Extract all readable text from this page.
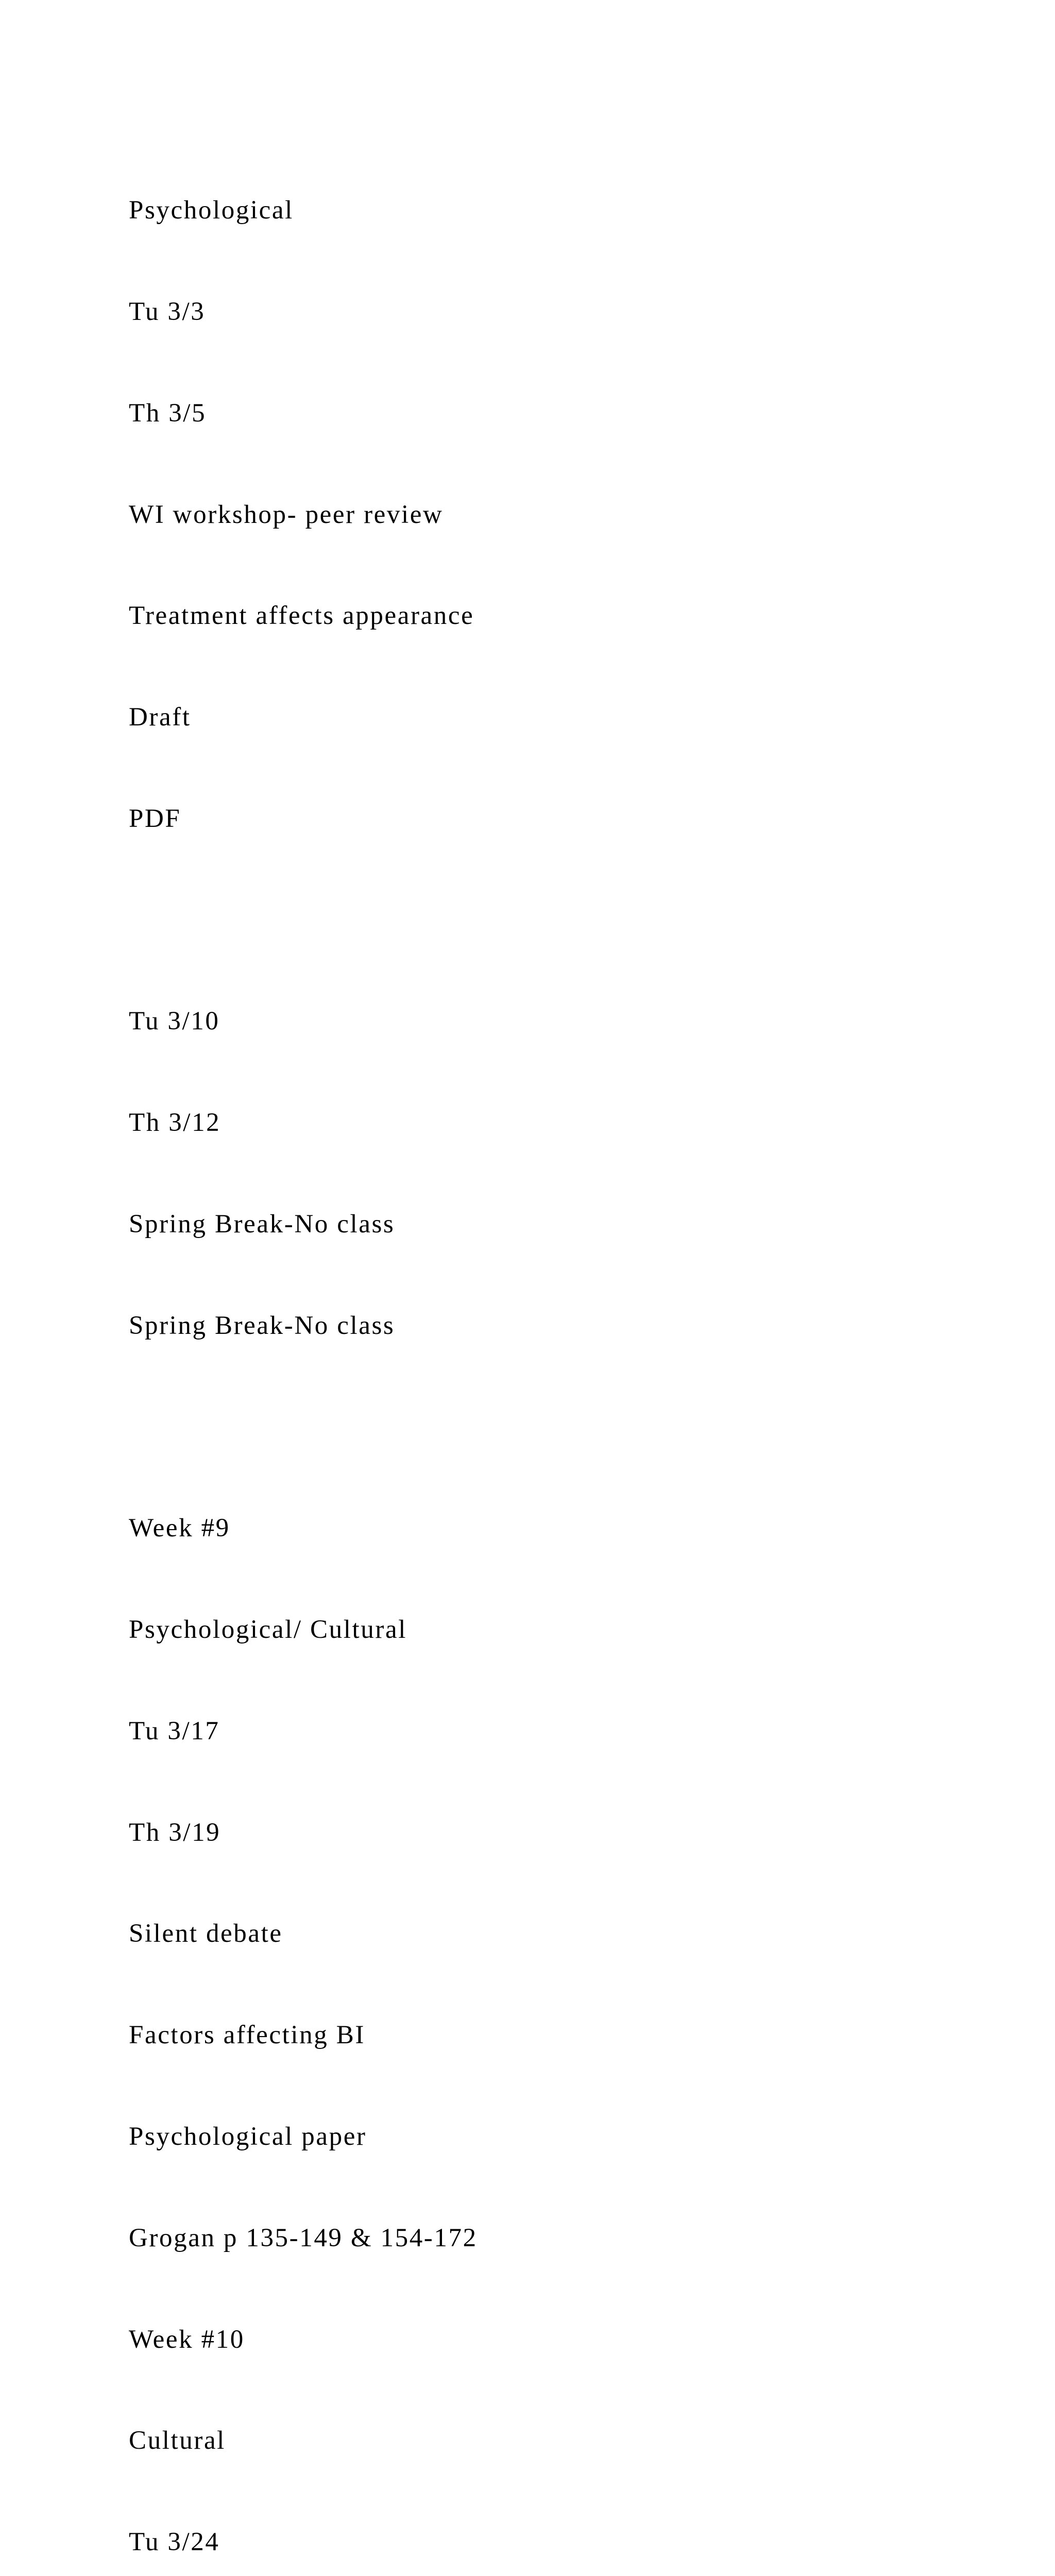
Psychological

Tu 3/3

Th 3/5

WI workshop- peer review

Treatment affects appearance

Draft

PDF

Tu 3/10

Th 3/12

Spring Break-No class

Spring Break-No class

Week #9

Psychological/ Cultural

Tu 3/17

Th 3/19

Silent debate

Factors affecting BI

Psychological paper

Grogan p 135-149 & 154-172

Week #10

Cultural

Tu 3/24
